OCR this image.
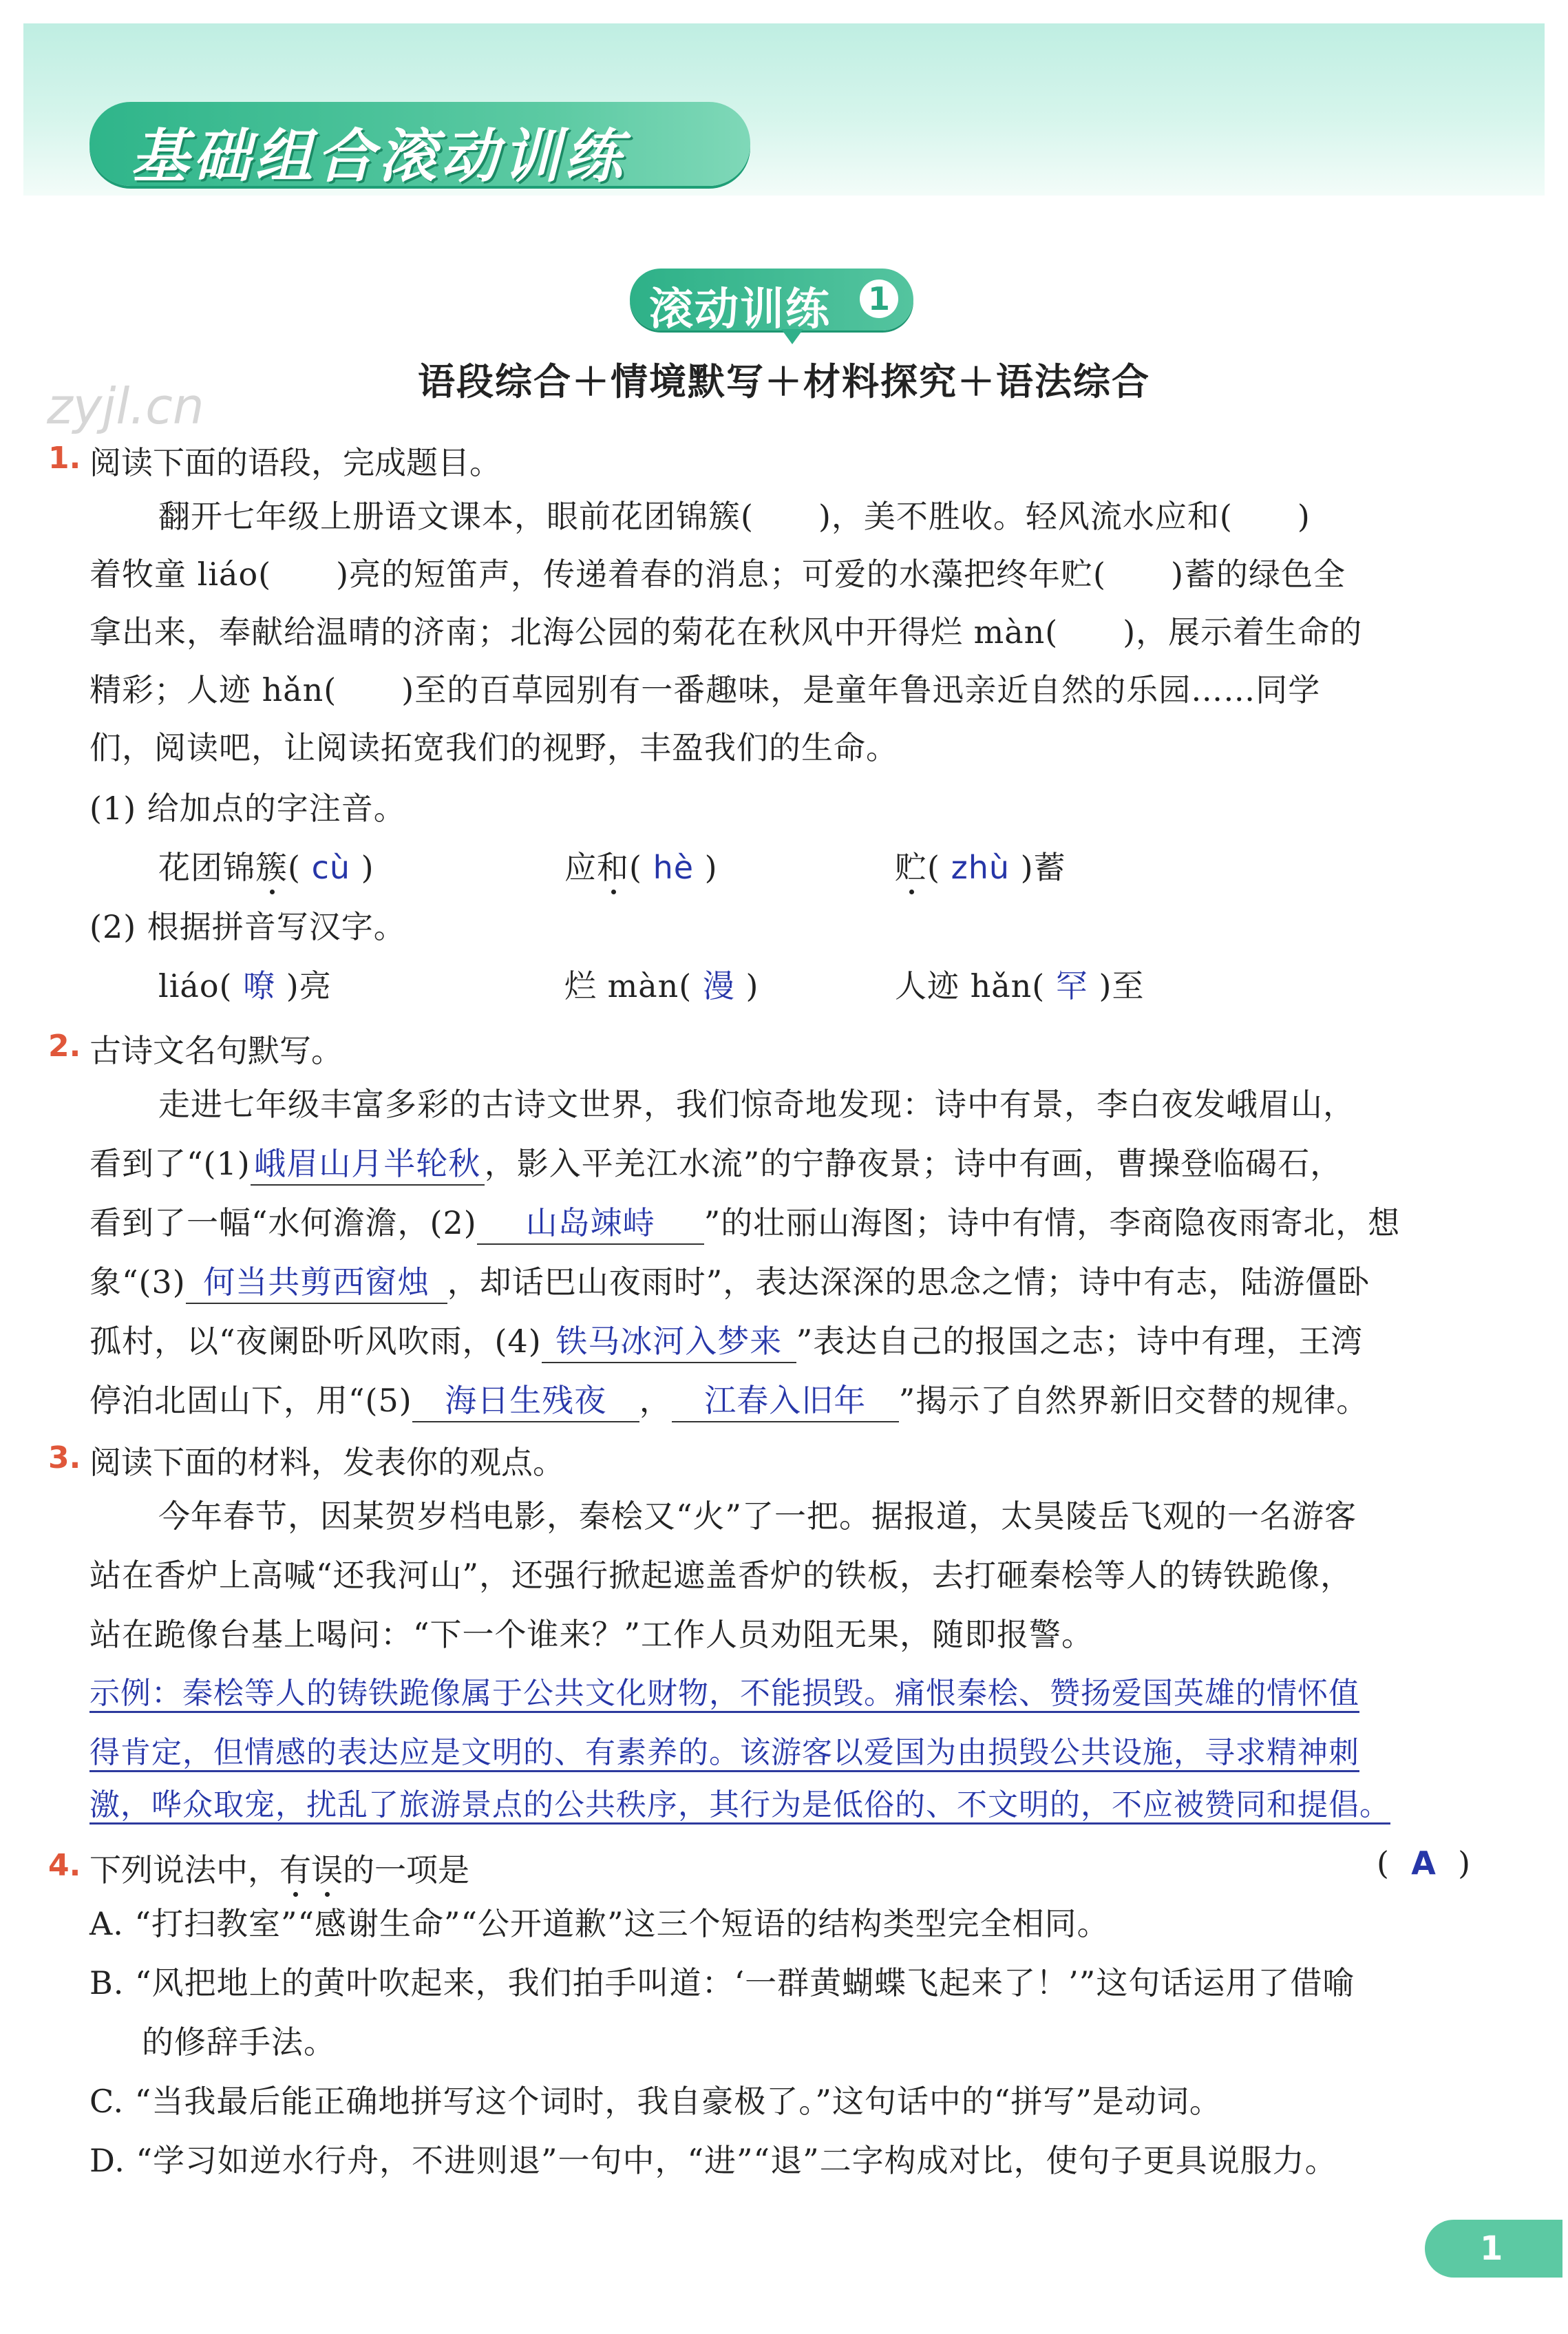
基础组合滚动训练
zyjl.cn
滚动训练 1
语段综合＋情境默写＋材料探究＋语法综合
1. 阅读下面的语段，完成题目。
翻开七年级上册语文课本，眼前花团锦簇(　　)，美不胜收。轻风流水应和(　　)
着牧童 liáo(　　)亮的短笛声，传递着春的消息；可爱的水藻把终年贮(　　)蓄的绿色全
拿出来，奉献给温晴的济南；北海公园的菊花在秋风中开得烂 màn(　　)，展示着生命的
精彩；人迹 hǎn(　　)至的百草园别有一番趣味，是童年鲁迅亲近自然的乐园……同学
们，阅读吧，让阅读拓宽我们的视野，丰盈我们的生命。
(1) 给加点的字注音。
花团锦簇( cù )	应和( hè )	贮( zhù )蓄
(2) 根据拼音写汉字。
liáo( 嘹 )亮	烂 màn( 漫 )	人迹 hǎn( 罕 )至
2. 古诗文名句默写。
走进七年级丰富多彩的古诗文世界，我们惊奇地发现：诗中有景，李白夜发峨眉山，
看到了“(1) 峨眉山月半轮秋 ，影入平羌江水流”的宁静夜景；诗中有画，曹操登临碣石，
看到了一幅“水何澹澹，(2) 山岛竦峙 ”的壮丽山海图；诗中有情，李商隐夜雨寄北，想
象“(3) 何当共剪西窗烛 ，却话巴山夜雨时”，表达深深的思念之情；诗中有志，陆游僵卧
孤村，以“夜阑卧听风吹雨，(4) 铁马冰河入梦来 ”表达自己的报国之志；诗中有理，王湾
停泊北固山下，用“(5) 海日生残夜 ， 江春入旧年 ”揭示了自然界新旧交替的规律。
3. 阅读下面的材料，发表你的观点。
今年春节，因某贺岁档电影，秦桧又“火”了一把。据报道，太昊陵岳飞观的一名游客
站在香炉上高喊“还我河山”，还强行掀起遮盖香炉的铁板，去打砸秦桧等人的铸铁跪像，
站在跪像台基上喝问：“下一个谁来？”工作人员劝阻无果，随即报警。
示例：秦桧等人的铸铁跪像属于公共文化财物，不能损毁。痛恨秦桧、赞扬爱国英雄的情怀值
得肯定，但情感的表达应是文明的、有素养的。该游客以爱国为由损毁公共设施，寻求精神刺
激，哗众取宠，扰乱了旅游景点的公共秩序，其行为是低俗的、不文明的，不应被赞同和提倡。
4. 下列说法中，有误的一项是	( A )
A. “打扫教室”“感谢生命”“公开道歉”这三个短语的结构类型完全相同。
B. “风把地上的黄叶吹起来，我们拍手叫道：‘一群黄蝴蝶飞起来了！’”这句话运用了借喻
的修辞手法。
C. “当我最后能正确地拼写这个词时，我自豪极了。”这句话中的“拼写”是动词。
D. “学习如逆水行舟，不进则退”一句中，“进”“退”二字构成对比，使句子更具说服力。
1
